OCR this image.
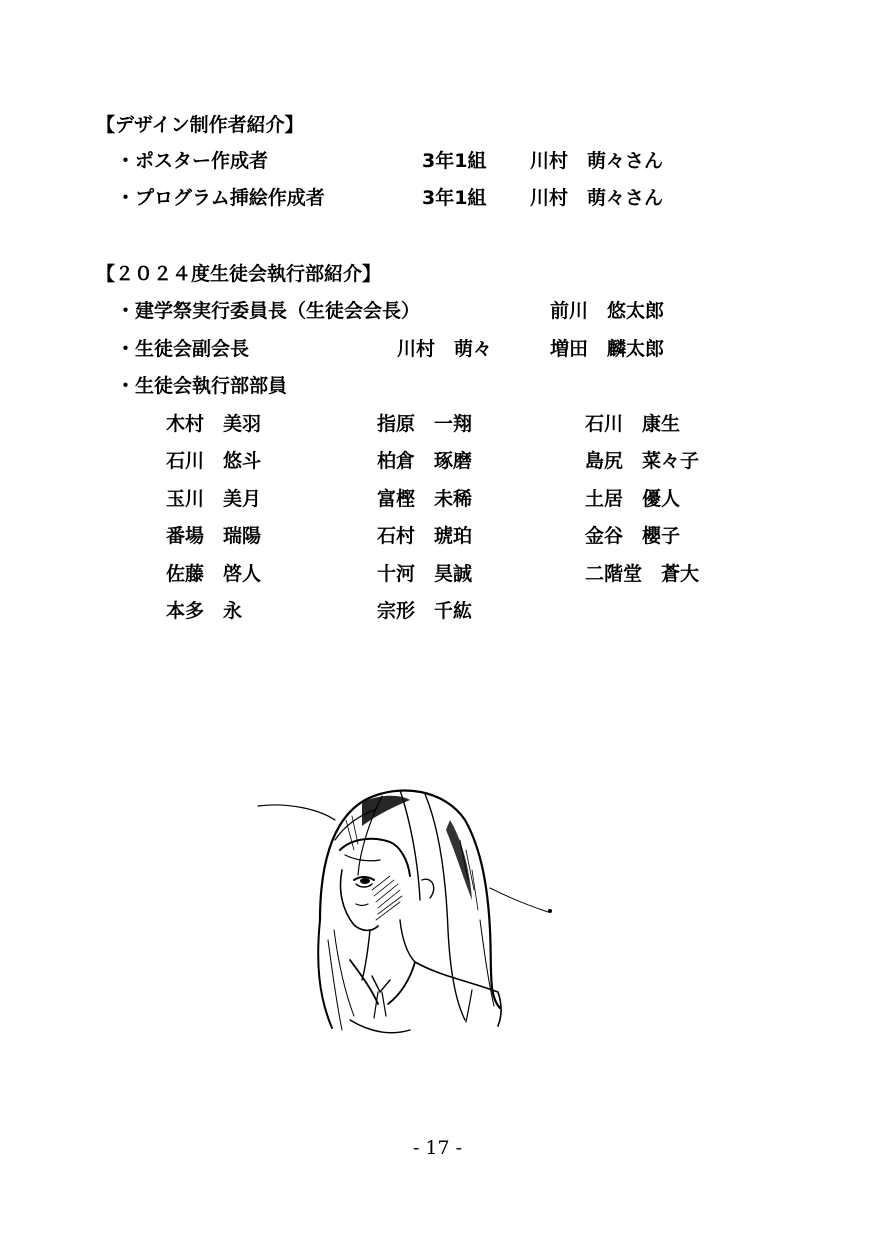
【デザイン制作者紹介】
・ポスター作成者	3年1組 川村　萌々さん
・プログラム挿絵作成者	3年1組 川村　萌々さん
【２０２４度生徒会執行部紹介】
・建学祭実行委員長（生徒会会長）	前川　悠太郎
・生徒会副会長	川村　萌々	増田　麟太郎
・生徒会執行部部員
木村　美羽	指原　一翔	石川　康生
石川　悠斗	柏倉　琢磨	島尻　菜々子
玉川　美月	富樫　未稀	土居　優人
番場　瑞陽	石村　琥珀	金谷　櫻子
佐藤　啓人	十河　昊誠	二階堂　蒼大
本多　永	宗形　千紘
- 17 -
